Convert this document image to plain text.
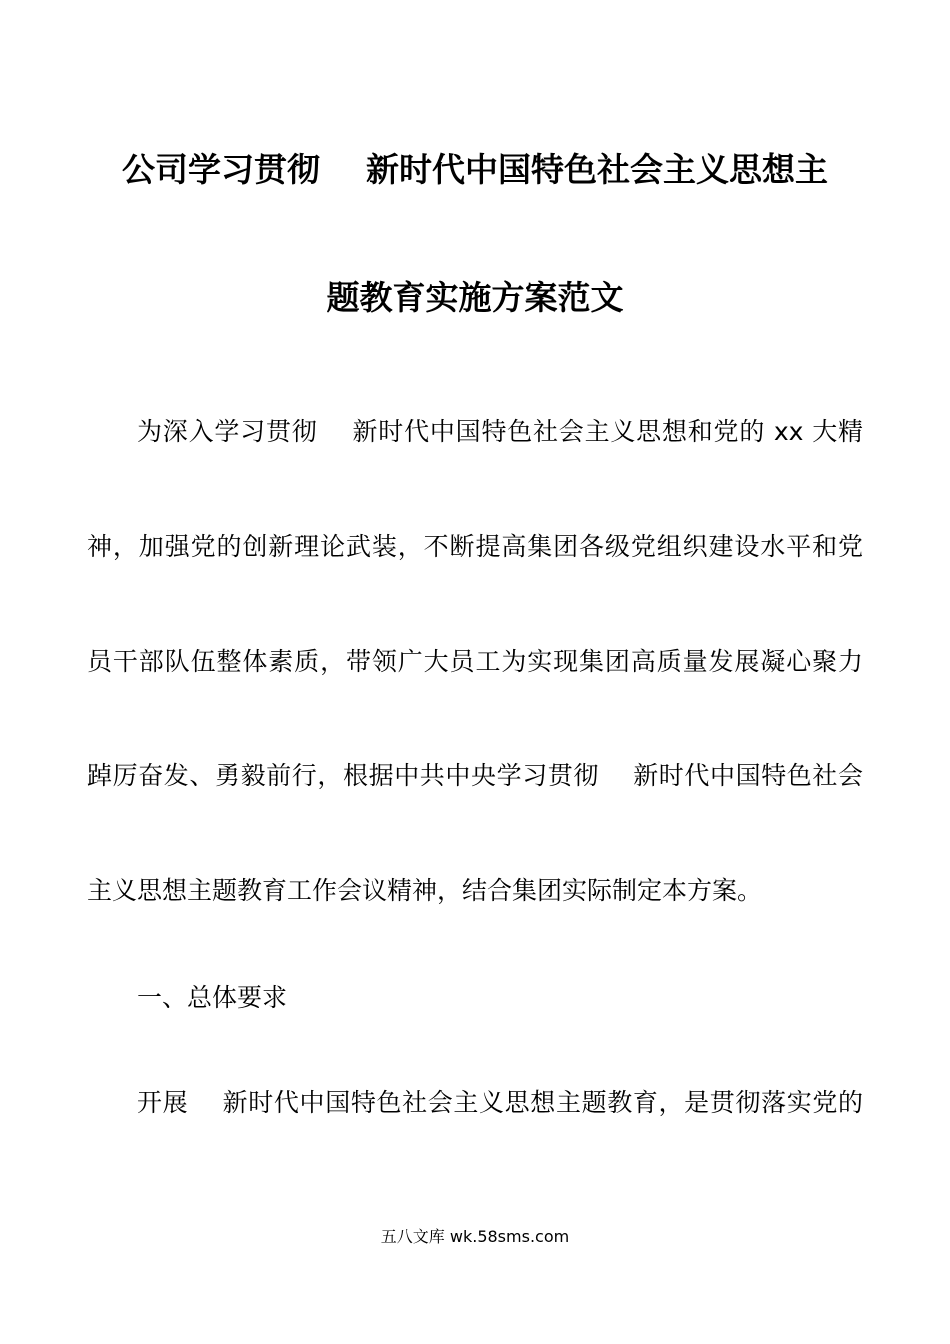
公司学习贯彻    新时代中国特色社会主义思想主
题教育实施方案范文
为深入学习贯彻    新时代中国特色社会主义思想和党的 xx 大精
神，加强党的创新理论武装，不断提高集团各级党组织建设水平和党
员干部队伍整体素质，带领广大员工为实现集团高质量发展凝心聚力
踔厉奋发、勇毅前行，根据中共中央学习贯彻    新时代中国特色社会
主义思想主题教育工作会议精神，结合集团实际制定本方案。
一、总体要求
开展    新时代中国特色社会主义思想主题教育，是贯彻落实党的
五八文库 wk.58sms.com
